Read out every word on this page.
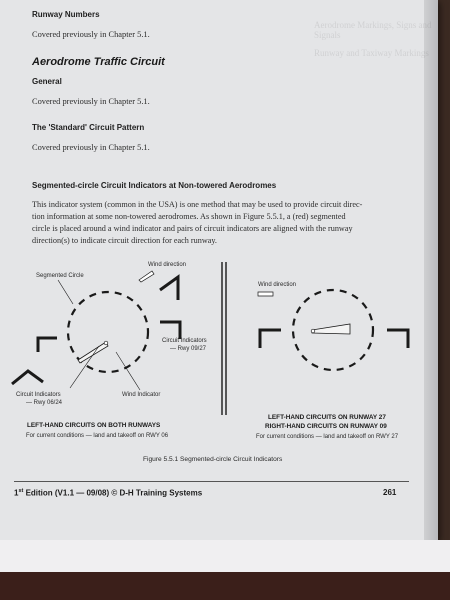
Aerodrome Markings, Signs and Signals
Runway and Taxiway Markings
Runway Numbers
Covered previously in Chapter 5.1.
Aerodrome Traffic Circuit
General
Covered previously in Chapter 5.1.
The 'Standard' Circuit Pattern
Covered previously in Chapter 5.1.
Segmented-circle Circuit Indicators at Non-towered Aerodromes
This indicator system (common in the USA) is one method that may be used to provide circuit direc-
tion information at some non-towered aerodromes. As shown in Figure 5.5.1, a (red) segmented
circle is placed around a wind indicator and pairs of circuit indicators are aligned with the runway
direction(s) to indicate circuit direction for each runway.
Wind direction
Segmented Circle
Circuit Indicators
— Rwy 09/27
Circuit Indicators
— Rwy 06/24
Wind Indicator
LEFT-HAND CIRCUITS ON BOTH RUNWAYS
For current conditions — land and takeoff on RWY 06
Wind direction
LEFT-HAND CIRCUITS ON RUNWAY 27
RIGHT-HAND CIRCUITS ON RUNWAY 09
For current conditions — land and takeoff on RWY 27
Figure 5.5.1 Segmented-circle Circuit Indicators
1st Edition (V1.1 — 09/08) © D-H Training Systems	261
